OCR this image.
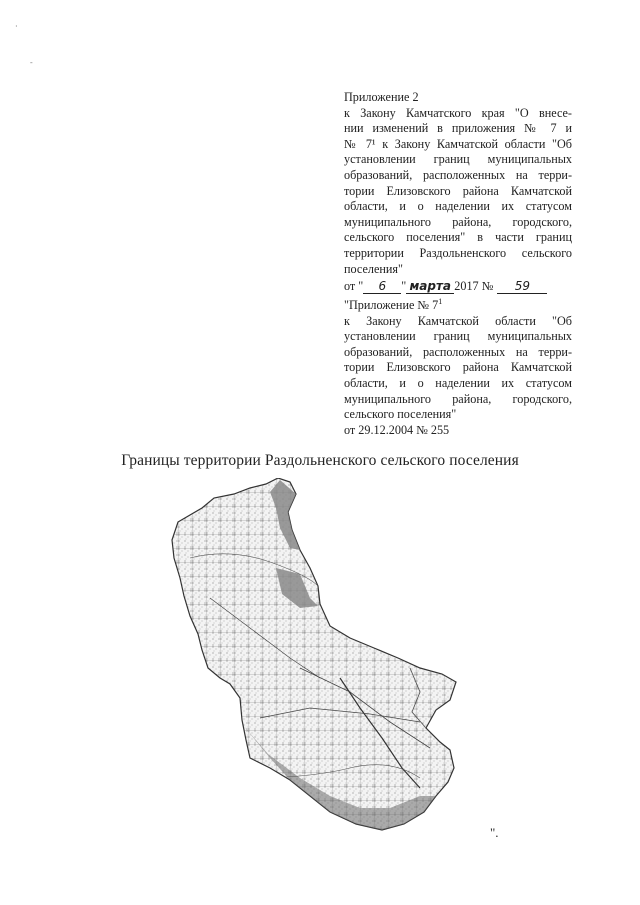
·
-
Приложение 2
к Закону Камчатского края "О внесе-
нии изменений в приложения № 7 и
№ 7¹ к Закону Камчатской области "Об
установлении границ муниципальных
образований, расположенных на терри-
тории Елизовского района Камчатской
области, и о наделении их статусом
муниципального района, городского,
сельского поселения" в части границ
территории Раздольненского сельского
поселения"
от " 6 " марта 2017 № 59
"Приложение № $7^1$
к Закону Камчатской области "Об
установлении границ муниципальных
образований, расположенных на терри-
тории Елизовского района Камчатской
области, и о наделении их статусом
муниципального района, городского,
сельского поселения"
от 29.12.2004 № 255
Границы территории Раздольненского сельского поселения
".
